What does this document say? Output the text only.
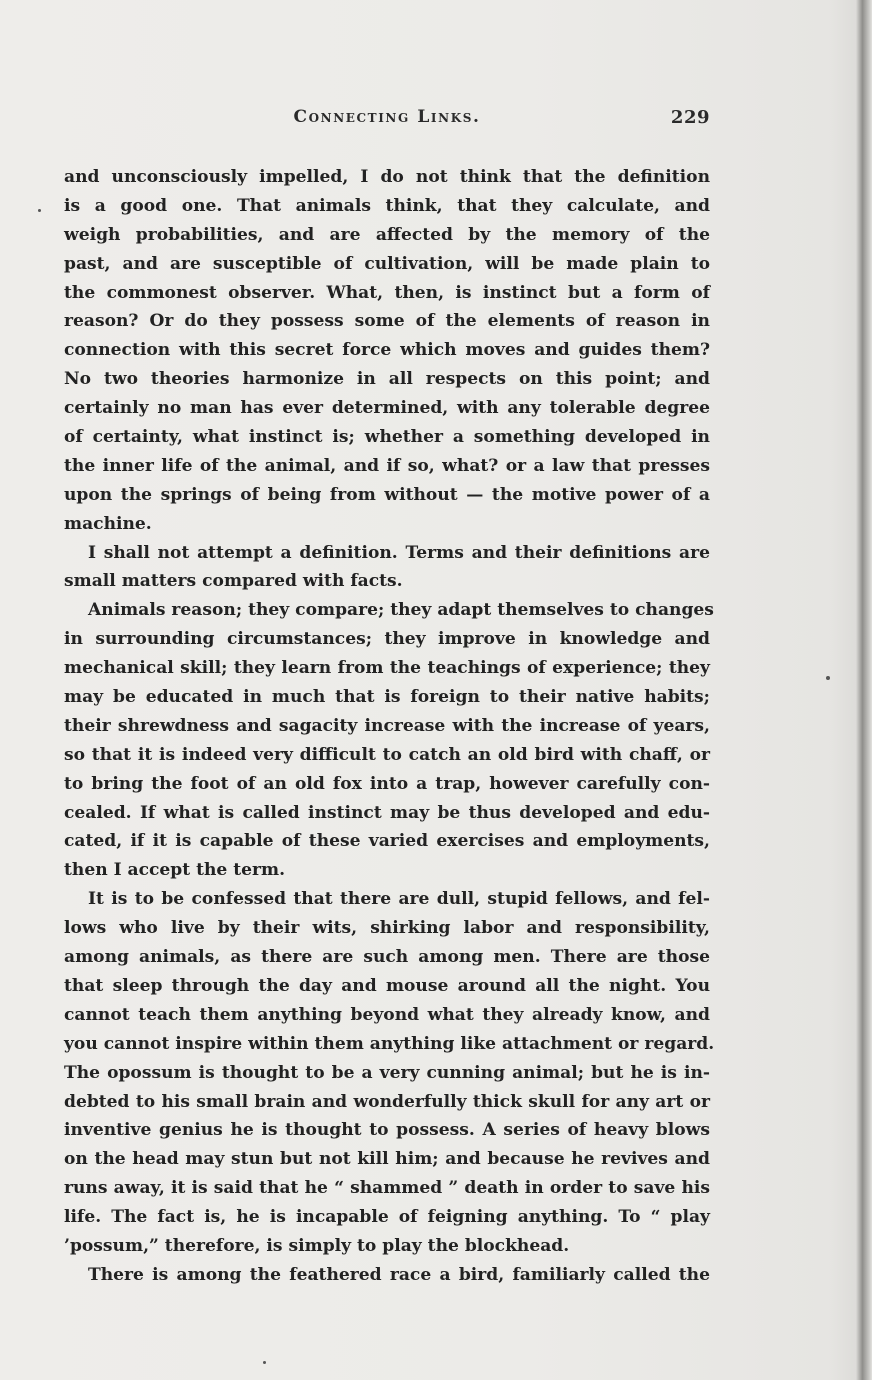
Connecting Links.	229
and unconsciously impelled, I do not think that the definition
is a good one. That animals think, that they calculate, and
weigh probabilities, and are affected by the memory of the
past, and are susceptible of cultivation, will be made plain to
the commonest observer. What, then, is instinct but a form of
reason? Or do they possess some of the elements of reason in
connection with this secret force which moves and guides them?
No two theories harmonize in all respects on this point; and
certainly no man has ever determined, with any tolerable degree
of certainty, what instinct is; whether a something developed in
the inner life of the animal, and if so, what? or a law that presses
upon the springs of being from without — the motive power of a
machine.
I shall not attempt a definition. Terms and their definitions are
small matters compared with facts.
Animals reason; they compare; they adapt themselves to changes
in surrounding circumstances; they improve in knowledge and
mechanical skill; they learn from the teachings of experience; they
may be educated in much that is foreign to their native habits;
their shrewdness and sagacity increase with the increase of years,
so that it is indeed very difficult to catch an old bird with chaff, or
to bring the foot of an old fox into a trap, however carefully con-
cealed. If what is called instinct may be thus developed and edu-
cated, if it is capable of these varied exercises and employments,
then I accept the term.
It is to be confessed that there are dull, stupid fellows, and fel-
lows who live by their wits, shirking labor and responsibility,
among animals, as there are such among men. There are those
that sleep through the day and mouse around all the night. You
cannot teach them anything beyond what they already know, and
you cannot inspire within them anything like attachment or regard.
The opossum is thought to be a very cunning animal; but he is in-
debted to his small brain and wonderfully thick skull for any art or
inventive genius he is thought to possess. A series of heavy blows
on the head may stun but not kill him; and because he revives and
runs away, it is said that he “ shammed ” death in order to save his
life. The fact is, he is incapable of feigning anything. To “ play
’possum,” therefore, is simply to play the blockhead.
There is among the feathered race a bird, familiarly called the
